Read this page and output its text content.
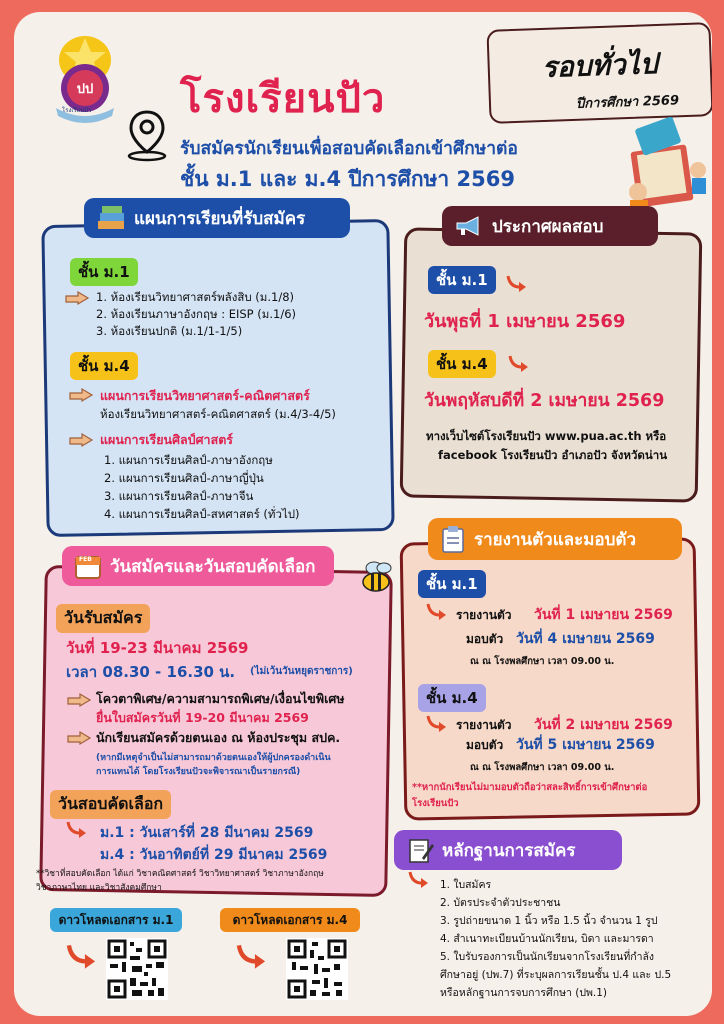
ปป
โรงเรียนปัว โรงเรียนปัว
รับสมัครนักเรียนเพื่อสอบคัดเลือกเข้าศึกษาต่อ
ชั้น ม.1 และ ม.4 ปีการศึกษา 2569
รอบทั่วไป
ปีการศึกษา 2569
แผนการเรียนที่รับสมัคร
ชั้น ม.1
1. ห้องเรียนวิทยาศาสตร์พลังสิบ (ม.1/8)
2. ห้องเรียนภาษาอังกฤษ : EISP (ม.1/6)
3. ห้องเรียนปกติ (ม.1/1-1/5)
ชั้น ม.4
แผนการเรียนวิทยาศาสตร์-คณิตศาสตร์
ห้องเรียนวิทยาศาสตร์-คณิตศาสตร์ (ม.4/3-4/5)
แผนการเรียนศิลป์ศาสตร์
1. แผนการเรียนศิลป์-ภาษาอังกฤษ
2. แผนการเรียนศิลป์-ภาษาญี่ปุ่น
3. แผนการเรียนศิลป์-ภาษาจีน
4. แผนการเรียนศิลป์-สหศาสตร์ (ทั่วไป)
ประกาศผลสอบ
ชั้น ม.1
วันพุธที่ 1 เมษายน 2569
ชั้น ม.4
วันพฤหัสบดีที่ 2 เมษายน 2569
ทางเว็บไซต์โรงเรียนปัว www.pua.ac.th หรือ
facebook โรงเรียนปัว อำเภอปัว จังหวัดน่าน
วันสมัครและวันสอบคัดเลือก
FEB
วันรับสมัคร
วันที่ 19-23 มีนาคม 2569
เวลา 08.30 - 16.30 น. (ไม่เว้นวันหยุดราชการ)
โควตาพิเศษ/ความสามารถพิเศษ/เงื่อนไขพิเศษ
ยื่นใบสมัครวันที่ 19-20 มีนาคม 2569
นักเรียนสมัครด้วยตนเอง ณ ห้องประชุม สปค.
(หากมีเหตุจำเป็นไม่สามารถมาด้วยตนเองให้ผู้ปกครองดำเนิน
การแทนได้ โดยโรงเรียนปัวจะพิจารณาเป็นรายกรณี)
วันสอบคัดเลือก
ม.1 : วันเสาร์ที่ 28 มีนาคม 2569
ม.4 : วันอาทิตย์ที่ 29 มีนาคม 2569
**วิชาที่สอบคัดเลือก ได้แก่ วิชาคณิตศาสตร์ วิชาวิทยาศาสตร์ วิชาภาษาอังกฤษ
วิชาภาษาไทย และวิชาสังคมศึกษา
รายงานตัวและมอบตัว
ชั้น ม.1
รายงานตัว วันที่ 1 เมษายน 2569
มอบตัว วันที่ 4 เมษายน 2569
ณ ณ โรงพลศึกษา เวลา 09.00 น.
ชั้น ม.4
รายงานตัว วันที่ 2 เมษายน 2569
มอบตัว วันที่ 5 เมษายน 2569
ณ ณ โรงพลศึกษา เวลา 09.00 น.
**หากนักเรียนไม่มามอบตัวถือว่าสละสิทธิ์การเข้าศึกษาต่อ
โรงเรียนปัว
หลักฐานการสมัคร
1. ใบสมัคร
2. บัตรประจำตัวประชาชน
3. รูปถ่ายขนาด 1 นิ้ว หรือ 1.5 นิ้ว จำนวน 1 รูป
4. สำเนาทะเบียนบ้านนักเรียน, บิดา และมารดา
5. ใบรับรองการเป็นนักเรียนจากโรงเรียนที่กำลัง
ศึกษาอยู่ (ปพ.7) ที่ระบุผลการเรียนชั้น ป.4 และ ป.5
หรือหลักฐานการจบการศึกษา (ปพ.1)
ดาวโหลดเอกสาร ม.1	ดาวโหลดเอกสาร ม.4
